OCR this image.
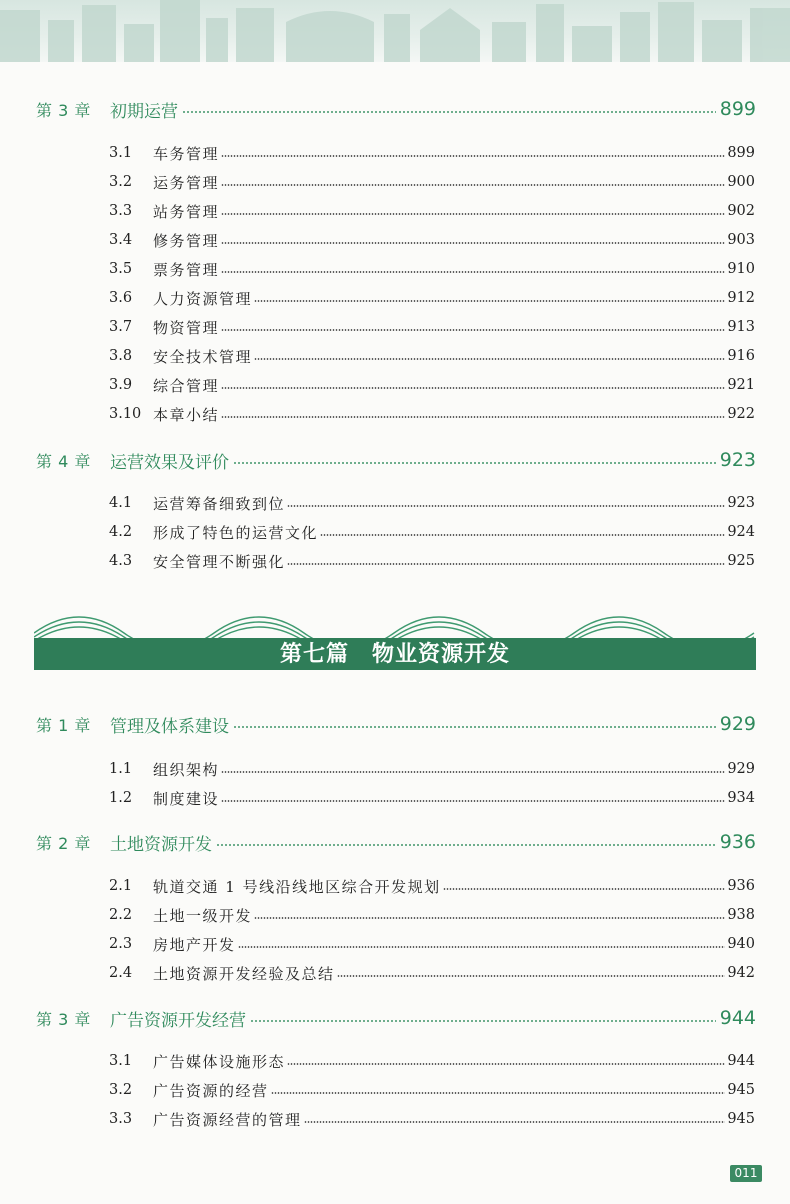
第 3 章	初期运营	899
3.1	车务管理	899
3.2	运务管理	900
3.3	站务管理	902
3.4	修务管理	903
3.5	票务管理	910
3.6	人力资源管理	912
3.7	物资管理	913
3.8	安全技术管理	916
3.9	综合管理	921
3.10 本章小结	922
第 4 章	运营效果及评价	923
4.1	运营筹备细致到位	923
4.2	形成了特色的运营文化	924
4.3	安全管理不断强化	925
第七篇　物业资源开发
第 1 章	管理及体系建设	929
1.1	组织架构	929
1.2	制度建设	934
第 2 章	土地资源开发	936
2.1	轨道交通 1 号线沿线地区综合开发规划	936
2.2	土地一级开发	938
2.3	房地产开发	940
2.4	土地资源开发经验及总结	942
第 3 章	广告资源开发经营	944
3.1	广告媒体设施形态	944
3.2	广告资源的经营	945
3.3	广告资源经营的管理	945
011
